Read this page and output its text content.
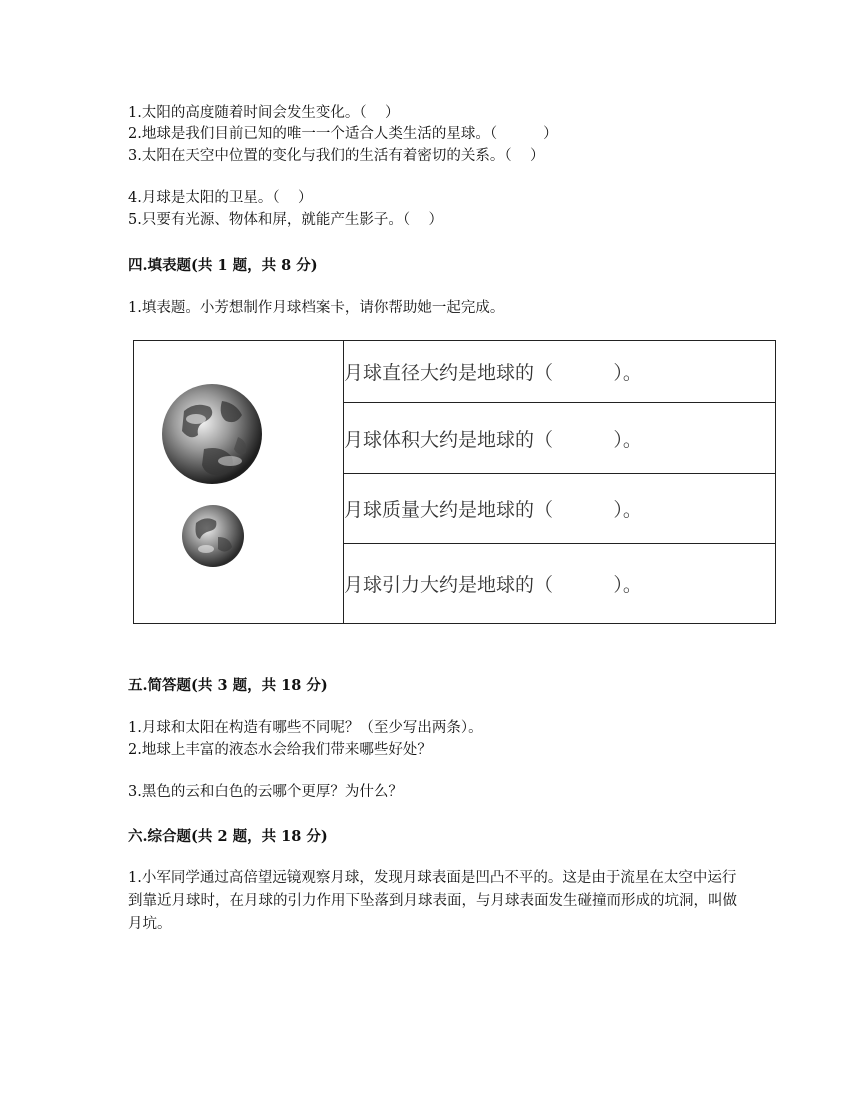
1.太阳的高度随着时间会发生变化。（    ）
2.地球是我们目前已知的唯一一个适合人类生活的星球。（          ）
3.太阳在天空中位置的变化与我们的生活有着密切的关系。（    ）
4.月球是太阳的卫星。（    ）
5.只要有光源、物体和屏，就能产生影子。（    ）
四.填表题(共 1 题，共 8 分)
1.填表题。小芳想制作月球档案卡，请你帮助她一起完成。
	月球直径大约是地球的（          ）。
月球体积大约是地球的（          ）。
月球质量大约是地球的（          ）。
月球引力大约是地球的（          ）。
五.简答题(共 3 题，共 18 分)
1.月球和太阳在构造有哪些不同呢？（至少写出两条）。
2.地球上丰富的液态水会给我们带来哪些好处？
3.黑色的云和白色的云哪个更厚？为什么？
六.综合题(共 2 题，共 18 分)
1.小军同学通过高倍望远镜观察月球，发现月球表面是凹凸不平的。这是由于流星在太空中运行到靠近月球时，在月球的引力作用下坠落到月球表面，与月球表面发生碰撞而形成的坑洞，叫做月坑。
